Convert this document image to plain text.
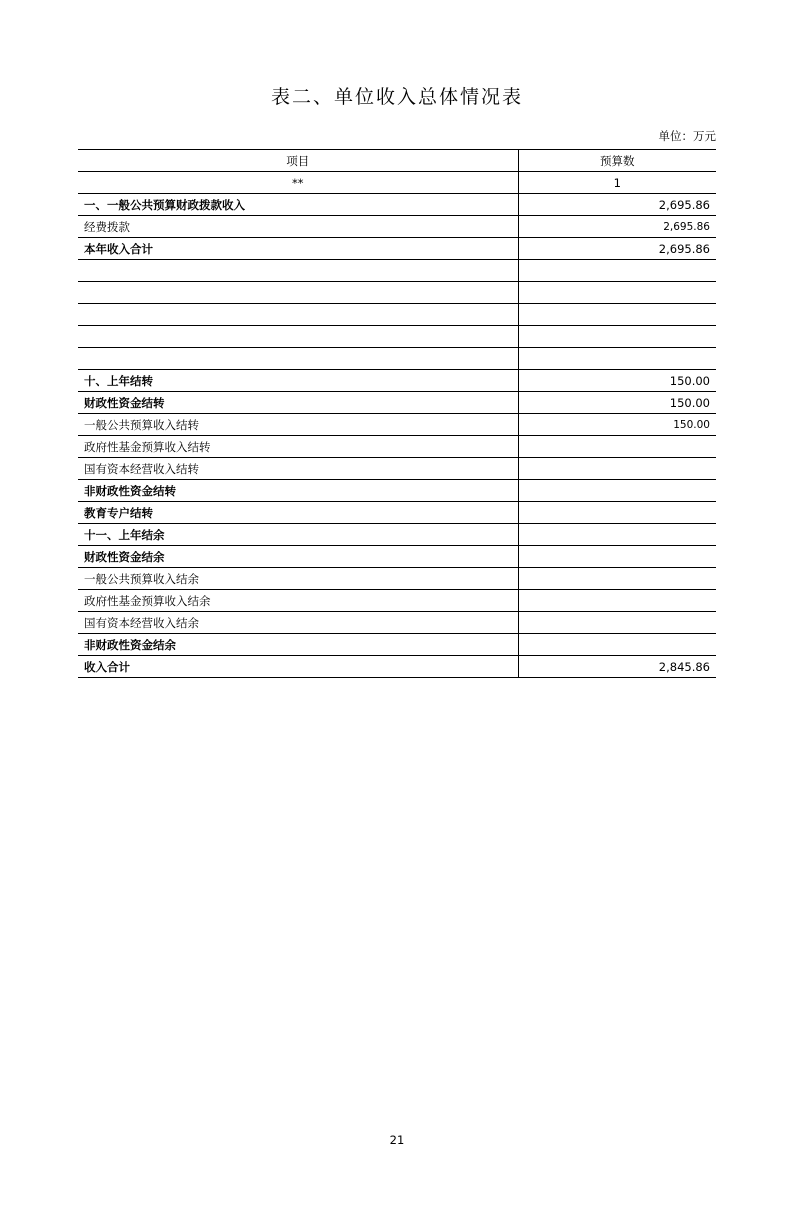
表二、单位收入总体情况表
单位：万元
项目	预算数
**	1
一、一般公共预算财政拨款收入	2,695.86
经费拨款	2,695.86
本年收入合计	2,695.86

十、上年结转	150.00
财政性资金结转	150.00
一般公共预算收入结转	150.00
政府性基金预算收入结转	
国有资本经营收入结转	
非财政性资金结转	
教育专户结转	
十一、上年结余	
财政性资金结余	
一般公共预算收入结余	
政府性基金预算收入结余	
国有资本经营收入结余	
非财政性资金结余	
收入合计	2,845.86
21
